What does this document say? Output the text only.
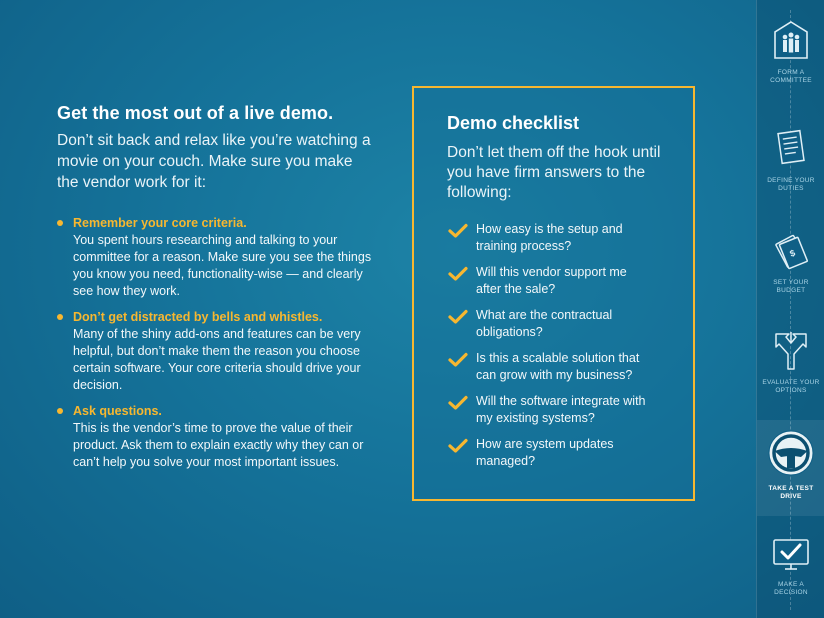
Get the most out of a live demo.

Don’t sit back and relax like you’re watching a movie on your couch. Make sure you make the vendor work for it:

Remember your core criteria.
You spent hours researching and talking to your committee for a reason. Make sure you see the things you know you need, functionality-wise — and clearly see how they work.
Don’t get distracted by bells and whistles.
Many of the shiny add-ons and features can be very helpful, but don’t make them the reason you choose certain software. Your core criteria should drive your decision.
Ask questions.
This is the vendor’s time to prove the value of their product. Ask them to explain exactly why they can or can’t help you solve your most important issues.
Demo checklist

Don’t let them off the hook until you have firm answers to the following:

How easy is the setup and training process?
Will this vendor support me after the sale?
What are the contractual obligations?
Is this a scalable solution that can grow with my business?
Will the software integrate with my existing systems?
How are system updates managed?
FORM A COMMITTEE
DEFINE YOUR DUTIES
$
SET YOUR BUDGET
EVALUATE YOUR OPTIONS
TAKE A TEST DRIVE
MAKE A DECISION
